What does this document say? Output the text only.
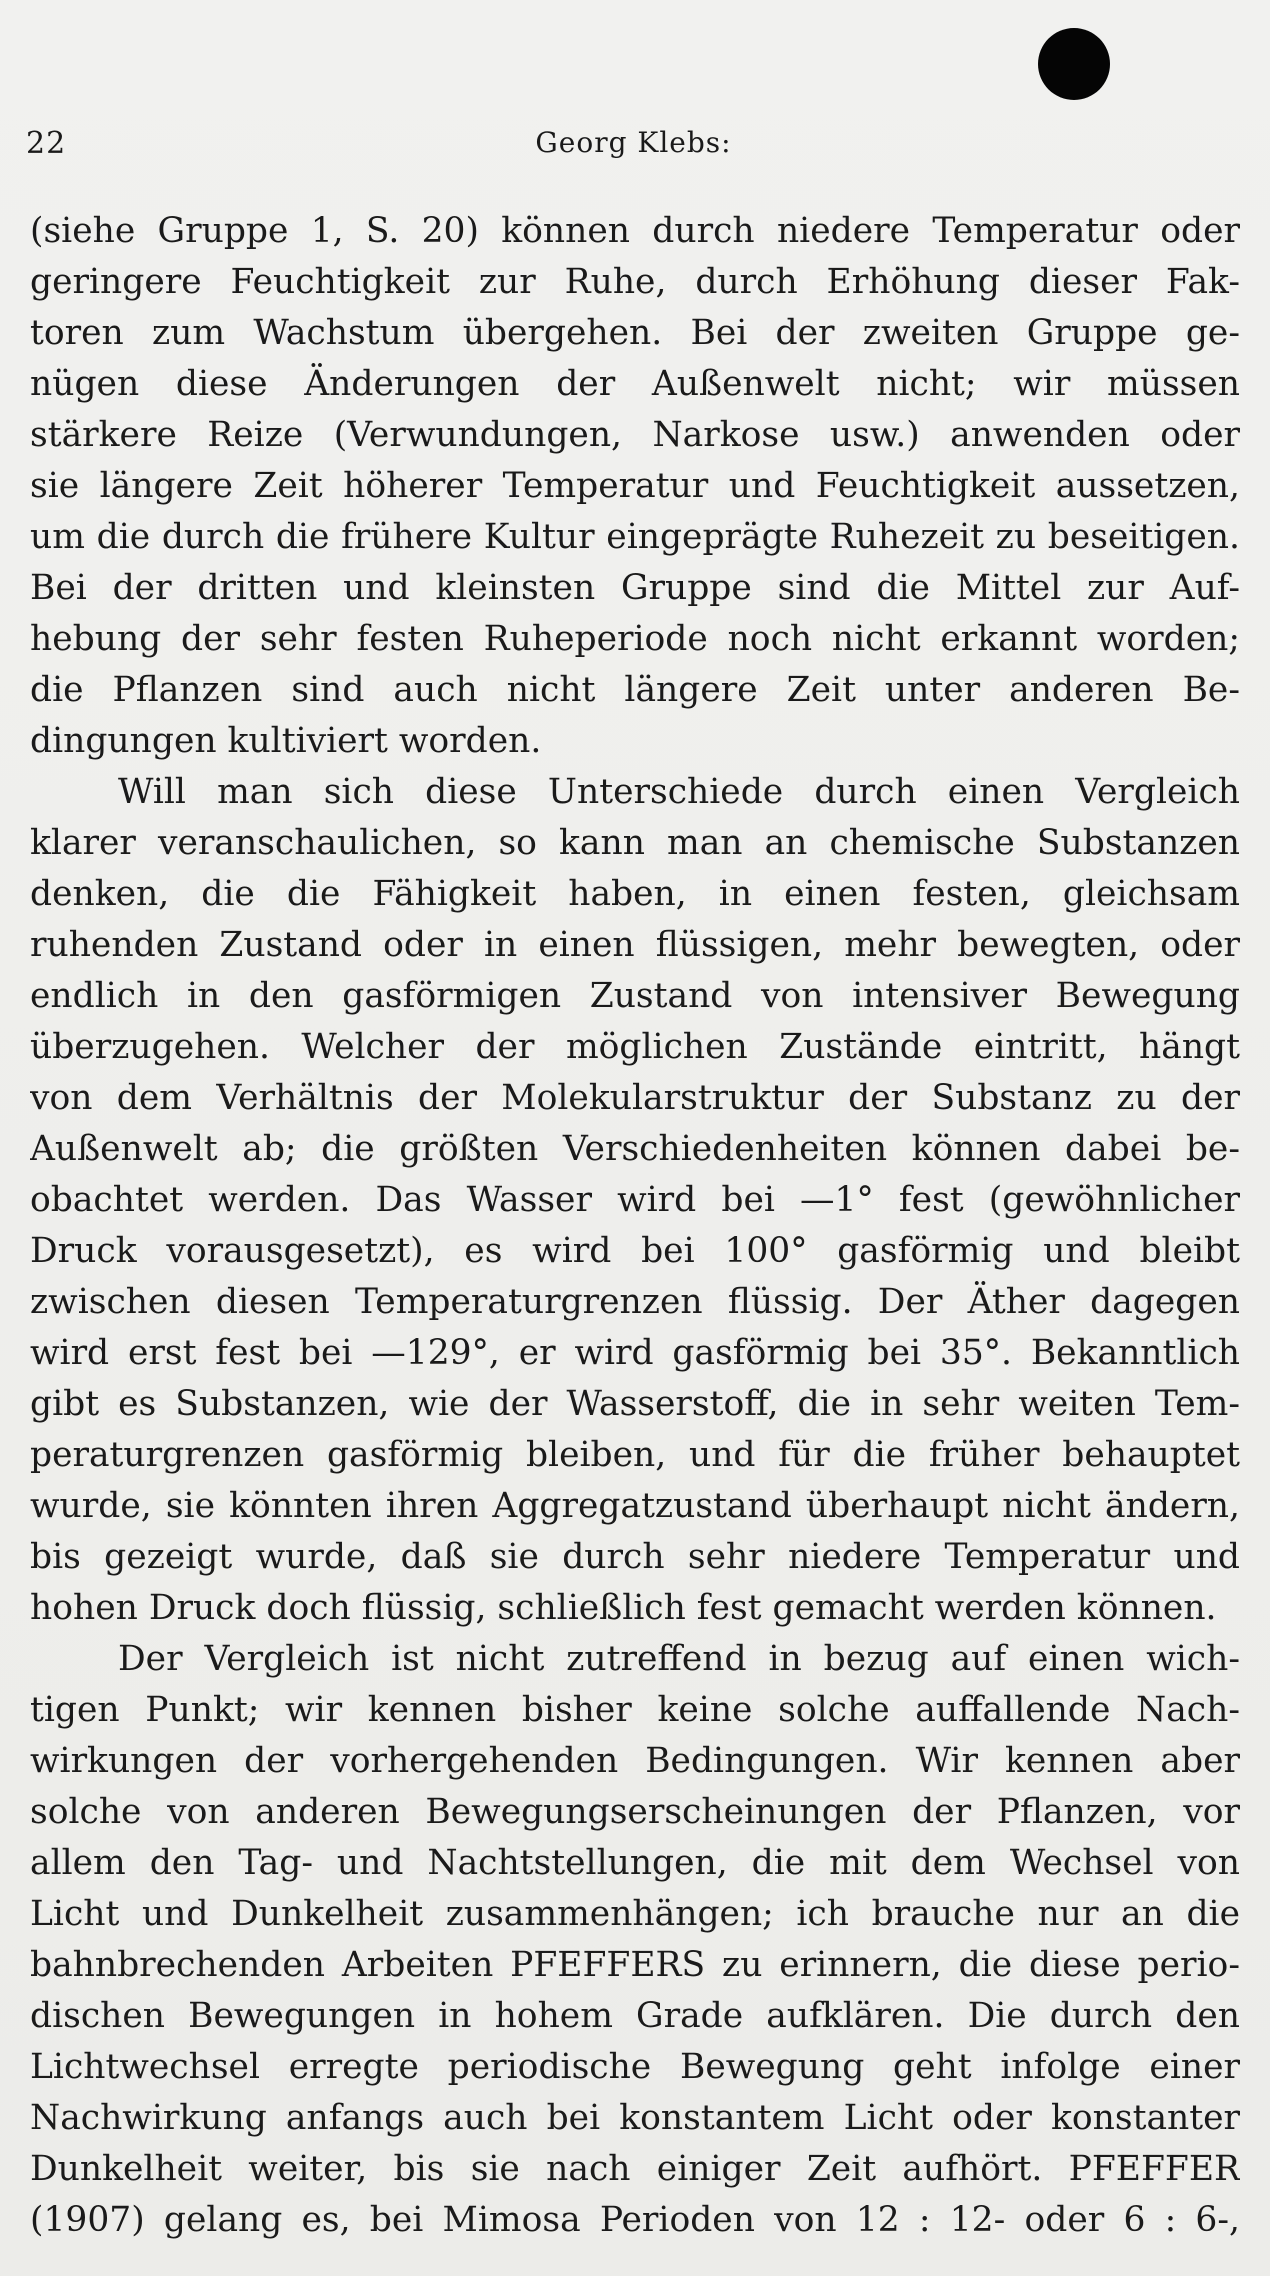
22	Georg Klebs:
(siehe Gruppe 1, S. 20) können durch niedere Temperatur oder
geringere Feuchtigkeit zur Ruhe, durch Erhöhung dieser Fak-
toren zum Wachstum übergehen. Bei der zweiten Gruppe ge-
nügen diese Änderungen der Außenwelt nicht; wir müssen
stärkere Reize (Verwundungen, Narkose usw.) anwenden oder
sie längere Zeit höherer Temperatur und Feuchtigkeit aussetzen,
um die durch die frühere Kultur eingeprägte Ruhezeit zu beseitigen.
Bei der dritten und kleinsten Gruppe sind die Mittel zur Auf-
hebung der sehr festen Ruheperiode noch nicht erkannt worden;
die Pflanzen sind auch nicht längere Zeit unter anderen Be-
dingungen kultiviert worden.
Will man sich diese Unterschiede durch einen Vergleich
klarer veranschaulichen, so kann man an chemische Substanzen
denken, die die Fähigkeit haben, in einen festen, gleichsam
ruhenden Zustand oder in einen flüssigen, mehr bewegten, oder
endlich in den gasförmigen Zustand von intensiver Bewegung
überzugehen. Welcher der möglichen Zustände eintritt, hängt
von dem Verhältnis der Molekularstruktur der Substanz zu der
Außenwelt ab; die größten Verschiedenheiten können dabei be-
obachtet werden. Das Wasser wird bei —1° fest (gewöhnlicher
Druck vorausgesetzt), es wird bei 100° gasförmig und bleibt
zwischen diesen Temperaturgrenzen flüssig. Der Äther dagegen
wird erst fest bei —129°, er wird gasförmig bei 35°. Bekanntlich
gibt es Substanzen, wie der Wasserstoff, die in sehr weiten Tem-
peraturgrenzen gasförmig bleiben, und für die früher behauptet
wurde, sie könnten ihren Aggregatzustand überhaupt nicht ändern,
bis gezeigt wurde, daß sie durch sehr niedere Temperatur und
hohen Druck doch flüssig, schließlich fest gemacht werden können.
Der Vergleich ist nicht zutreffend in bezug auf einen wich-
tigen Punkt; wir kennen bisher keine solche auffallende Nach-
wirkungen der vorhergehenden Bedingungen. Wir kennen aber
solche von anderen Bewegungserscheinungen der Pflanzen, vor
allem den Tag- und Nachtstellungen, die mit dem Wechsel von
Licht und Dunkelheit zusammenhängen; ich brauche nur an die
bahnbrechenden Arbeiten PFEFFERS zu erinnern, die diese perio-
dischen Bewegungen in hohem Grade aufklären. Die durch den
Lichtwechsel erregte periodische Bewegung geht infolge einer
Nachwirkung anfangs auch bei konstantem Licht oder konstanter
Dunkelheit weiter, bis sie nach einiger Zeit aufhört. PFEFFER
(1907) gelang es, bei Mimosa Perioden von 12 : 12- oder 6 : 6-,
